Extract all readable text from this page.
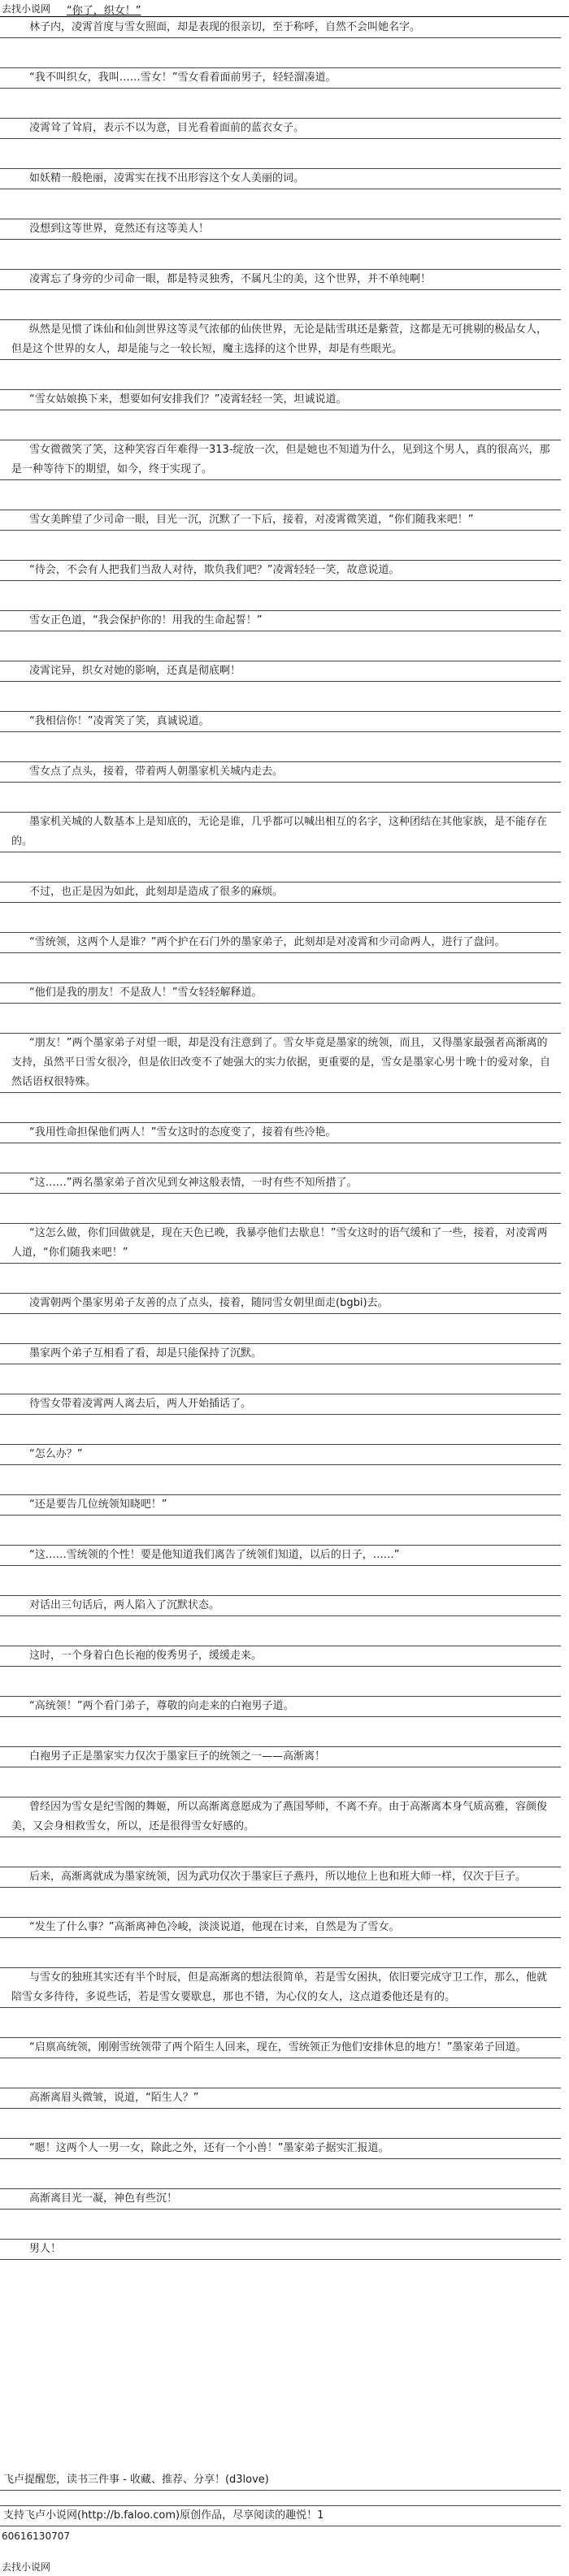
去找小说网 “你了，织女！”

林子内，凌霄首度与雪女照面，却是表现的很亲切，至于称呼，自然不会叫她名字。

“我不叫织女，我叫……雪女！”雪女看着面前男子，轻轻溜凑道。

凌霄耸了耸肩，表示不以为意，目光看着面前的蓝衣女子。

如妖精一般艳丽，凌霄实在找不出形容这个女人美丽的词。

没想到这等世界，竟然还有这等美人！

凌霄忘了身旁的少司命一眼，都是特灵独秀，不属凡尘的美，这个世界，并不单纯啊！

纵然是见惯了诛仙和仙剑世界这等灵气浓郁的仙侠世界，无论是陆雪琪还是紫萱，这都是无可挑剔的极品女人，但是这个世界的女人，却是能与之一较长短，魔主选择的这个世界，却是有些眼光。

“雪女姑娘换下来，想要如何安排我们？”凌霄轻轻一笑，坦诚说道。

雪女微微笑了笑，这种笑容百年难得一313-绽放一次，但是她也不知道为什么，见到这个男人，真的很高兴，那是一种等待下的期望，如今，终于实现了。

雪女美眸望了少司命一眼，目光一沉，沉默了一下后，接着，对凌霄微笑道，“你们随我来吧！”

“待会，不会有人把我们当敌人对待，欺负我们吧？”凌霄轻轻一笑，故意说道。

雪女正色道，“我会保护你的！用我的生命起誓！”

凌霄诧异，织女对她的影响，还真是彻底啊！

“我相信你！”凌霄笑了笑，真诚说道。

雪女点了点头，接着，带着两人朝墨家机关城内走去。

墨家机关城的人数基本上是知底的，无论是谁，几乎都可以喊出相互的名字，这种团结在其他家族，是不能存在的。

不过，也正是因为如此，此刻却是造成了很多的麻烦。

“雪统领，这两个人是谁？”两个护在石门外的墨家弟子，此刻却是对凌霄和少司命两人，进行了盘问。

“他们是我的朋友！不是敌人！”雪女轻轻解释道。

“朋友！”两个墨家弟子对望一眼，却是没有注意到了。雪女毕竟是墨家的统领，而且，又得墨家最强者高渐离的支持，虽然平日雪女很冷，但是依旧改变不了她强大的实力依据，更重要的是，雪女是墨家心男十晚十的爱对象，自然话语权很特殊。

“我用性命担保他们两人！”雪女这时的态度变了，接着有些冷艳。

“这……”两名墨家弟子首次见到女神这般表情，一时有些不知所措了。

“这怎么做，你们回做就是，现在天色已晚，我暴亭他们去歇息！”雪女这时的语气缓和了一些，接着，对凌霄两人道，“你们随我来吧！”

凌霄朝两个墨家男弟子友善的点了点头，接着，随同雪女朝里面走(bgbi)去。

墨家两个弟子互相看了看，却是只能保持了沉默。

待雪女带着凌霄两人离去后，两人开始插话了。

“怎么办？”

“还是要告几位统领知晓吧！”

“这……雪统领的个性！要是他知道我们离告了统领们知道，以后的日子，……”

对话出三句话后，两人陷入了沉默状态。

这时，一个身着白色长袍的俊秀男子，缓缓走来。

“高统领！”两个看门弟子，尊敬的向走来的白袍男子道。

白袍男子正是墨家实力仅次于墨家巨子的统领之一——高渐离！

曾经因为雪女是纪雪阁的舞姬，所以高渐离意愿成为了燕国琴师，不离不弃。由于高渐离本身气质高雅，容颜俊美，又会身相救雪女，所以，还是很得雪女好感的。

后来，高渐离就成为墨家统领，因为武功仅次于墨家巨子燕丹，所以地位上也和班大师一样，仅次于巨子。

“发生了什么事？”高渐离神色冷峻，淡淡说道，他现在讨来，自然是为了雪女。

与雪女的独班其实还有半个时辰，但是高渐离的想法很简单，若是雪女困执，依旧要完成守卫工作，那么，他就陪雪女多待待，多说些话，若是雪女要歇息，那也不错，为心仪的女人，这点道委他还是有的。

“启禀高统领，刚刚雪统领带了两个陌生人回来，现在，雪统领正为他们安排休息的地方！”墨家弟子回道。

高渐离眉头微皱，说道，“陌生人？”

“嗯！这两个人一男一女，除此之外，还有一个小兽！”墨家弟子据实汇报道。

高渐离目光一凝，神色有些沉！

男人！

飞卢提醒您，读书三件事 - 收藏、推荐、分享！(d3love)
支持飞卢小说网(http://b.faloo.com)原创作品，尽享阅读的趣悦！1
60616130707
去找小说网
